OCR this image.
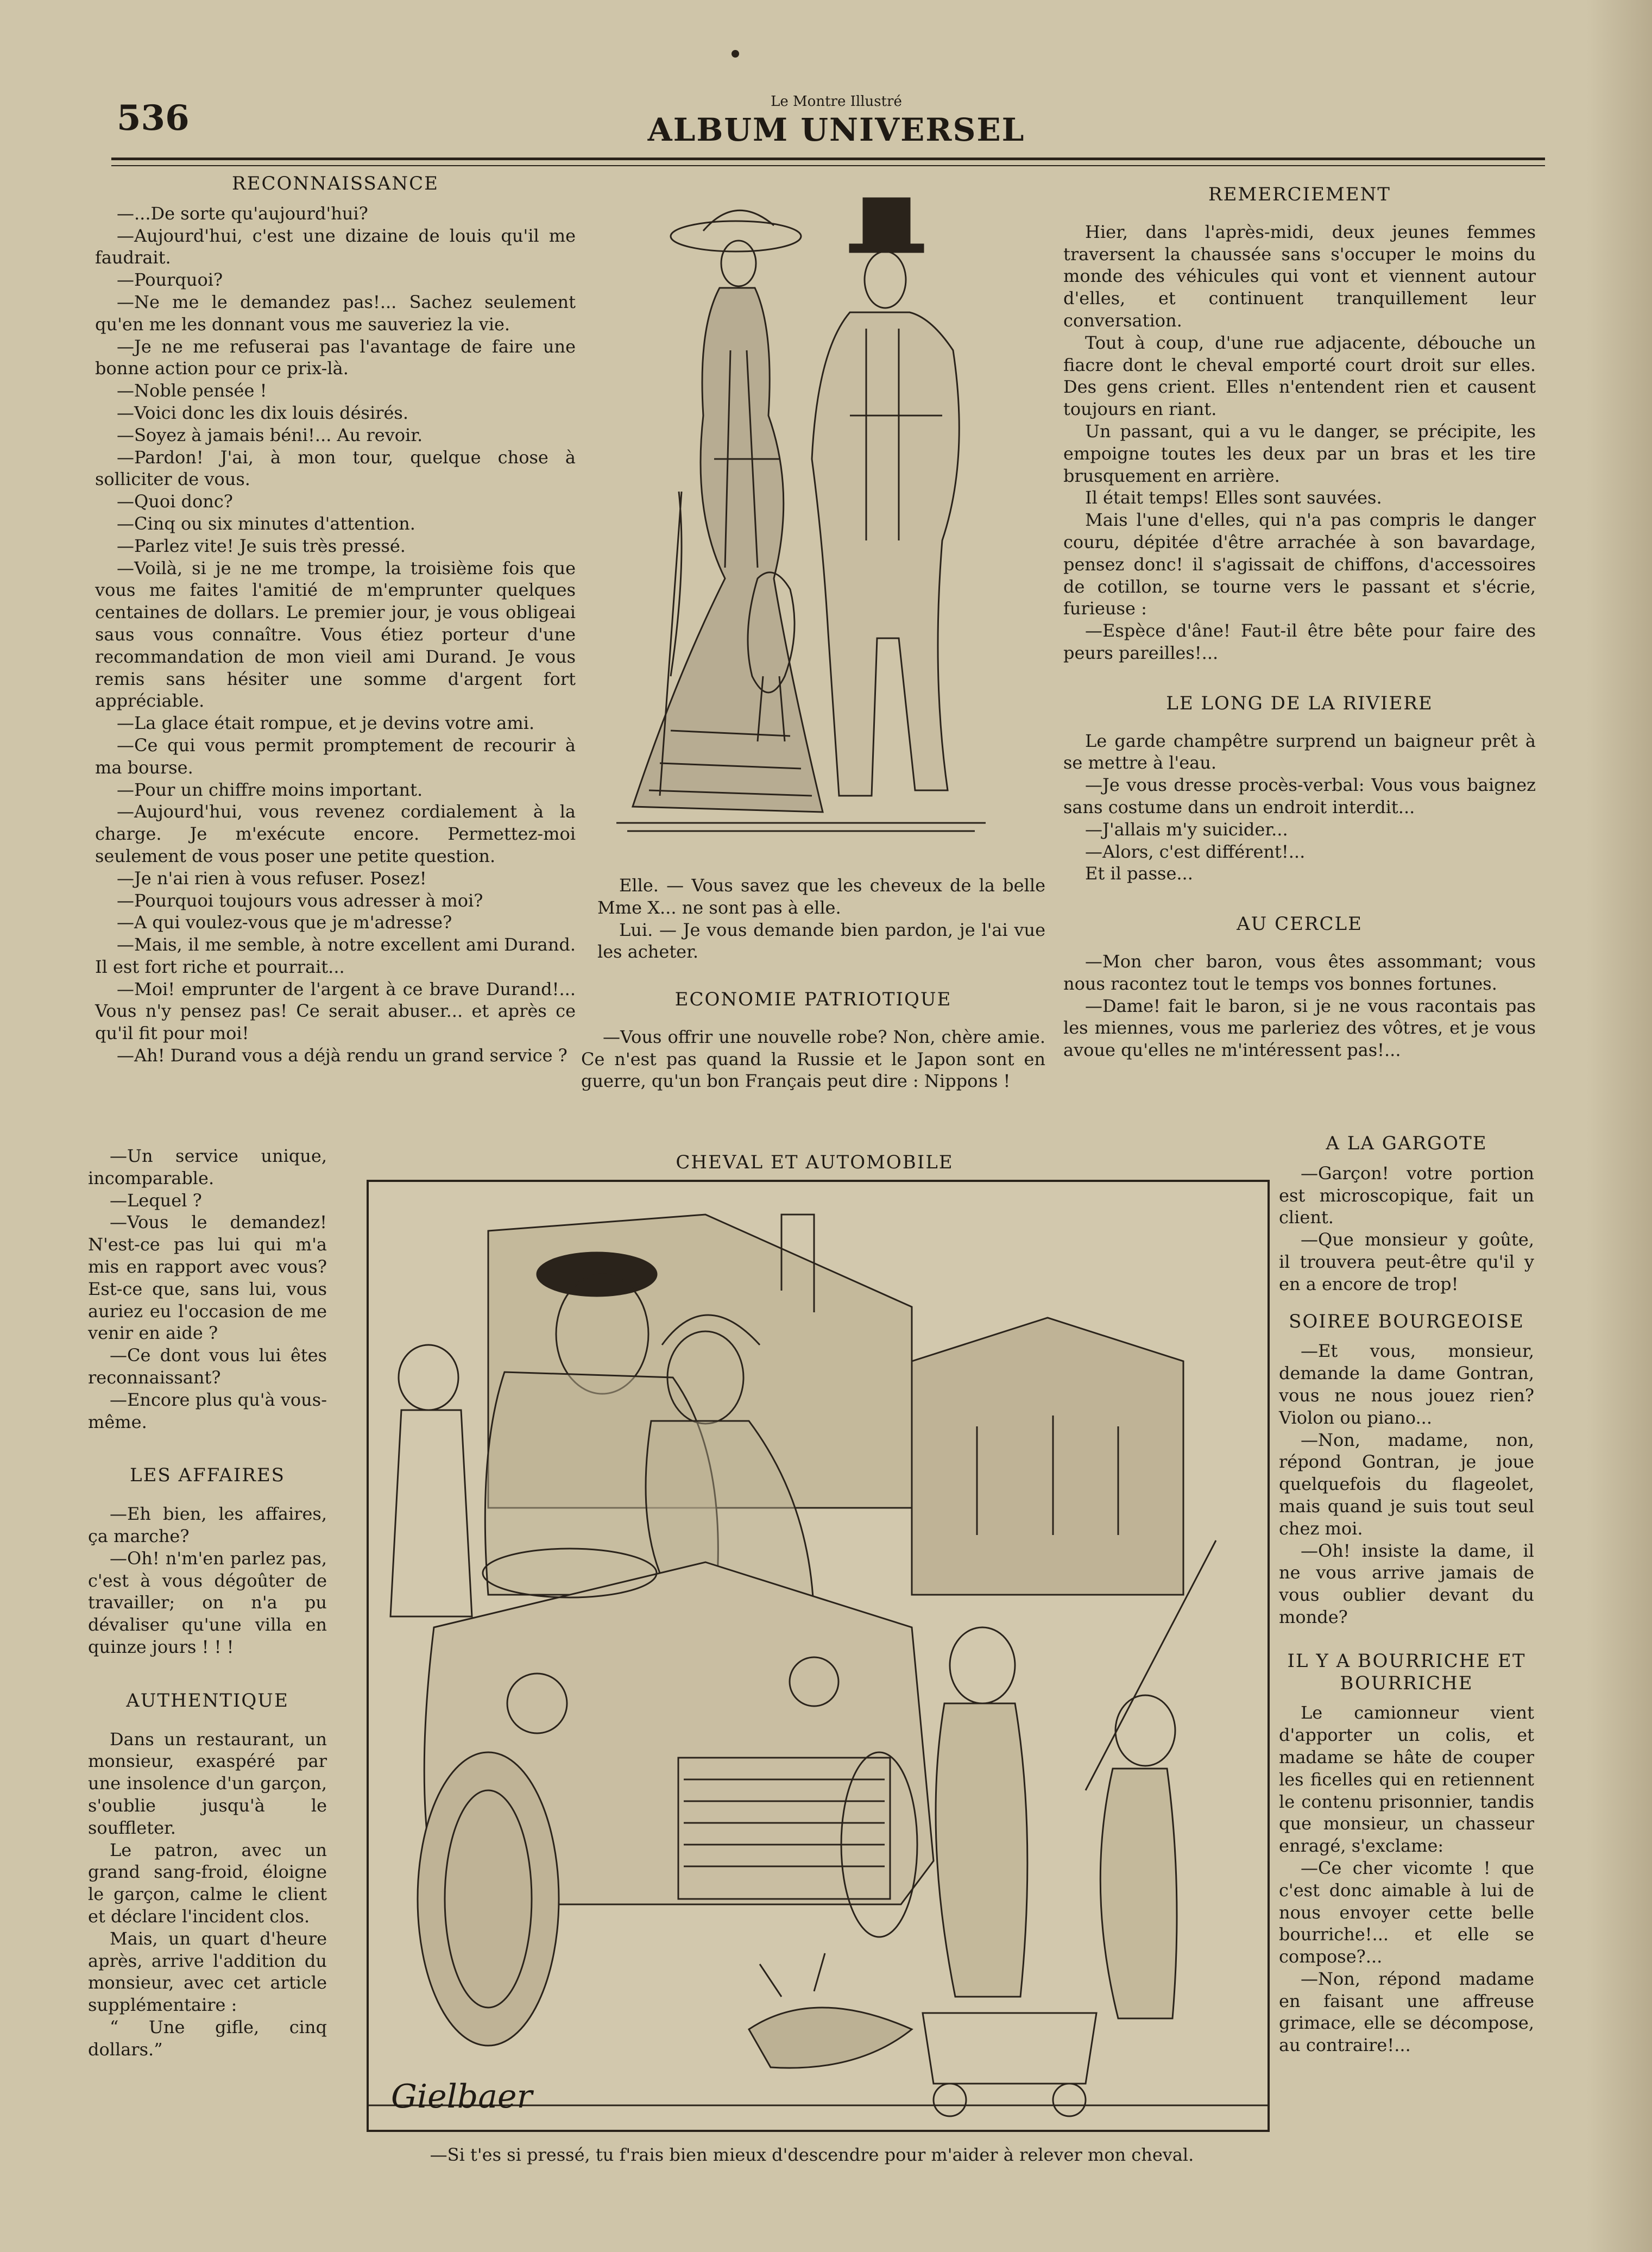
536	Le Montre Illustré
ALBUM UNIVERSEL
RECONNAISSANCE

—...De sorte qu'aujourd'hui?

—Aujourd'hui, c'est une dizaine de louis qu'il me faudrait.

—Pourquoi?

—Ne me le demandez pas!... Sachez seulement qu'en me les donnant vous me sauveriez la vie.

—Je ne me refuserai pas l'avantage de faire une bonne action pour ce prix-là.

—Noble pensée !

—Voici donc les dix louis désirés.

—Soyez à jamais béni!... Au revoir.

—Pardon! J'ai, à mon tour, quelque chose à solliciter de vous.

—Quoi donc?

—Cinq ou six minutes d'attention.

—Parlez vite! Je suis très pressé.

—Voilà, si je ne me trompe, la troisième fois que vous me faites l'amitié de m'emprunter quelques centaines de dollars. Le premier jour, je vous obligeai saus vous connaître. Vous étiez porteur d'une recommandation de mon vieil ami Durand. Je vous remis sans hésiter une somme d'argent fort appréciable.

—La glace était rompue, et je devins votre ami.

—Ce qui vous permit promptement de recourir à ma bourse.

—Pour un chiffre moins important.

—Aujourd'hui, vous revenez cordialement à la charge. Je m'exécute encore. Permettez-moi seulement de vous poser une petite question.

—Je n'ai rien à vous refuser. Posez!

—Pourquoi toujours vous adresser à moi?

—A qui voulez-vous que je m'adresse?

—Mais, il me semble, à notre excellent ami Durand. Il est fort riche et pourrait...

—Moi! emprunter de l'argent à ce brave Durand!... Vous n'y pensez pas! Ce serait abuser... et après ce qu'il fit pour moi!

—Ah! Durand vous a déjà rendu un grand service ?

—Un service unique, incomparable.

—Lequel ?

—Vous le demandez! N'est-ce pas lui qui m'a mis en rapport avec vous? Est-ce que, sans lui, vous auriez eu l'occasion de me venir en aide ?

—Ce dont vous lui êtes reconnaissant?

—Encore plus qu'à vous-même.

LES AFFAIRES

—Eh bien, les affaires, ça marche?

—Oh! n'm'en parlez pas, c'est à vous dégoûter de travailler; on n'a pu dévaliser qu'une villa en quinze jours ! ! !

AUTHENTIQUE

Dans un restaurant, un monsieur, exaspéré par une insolence d'un garçon, s'oublie jusqu'à le souffleter.

Le patron, avec un grand sang-froid, éloigne le garçon, calme le client et déclare l'incident clos.

Mais, un quart d'heure après, arrive l'addition du monsieur, avec cet article supplémentaire :

“ Une gifle, cinq dollars.”

Elle. — Vous savez que les cheveux de la belle Mme X... ne sont pas à elle.

Lui. — Je vous demande bien pardon, je l'ai vue les acheter.

ECONOMIE PATRIOTIQUE

—Vous offrir une nouvelle robe? Non, chère amie. Ce n'est pas quand la Russie et le Japon sont en guerre, qu'un bon Français peut dire : Nippons !

REMERCIEMENT

Hier, dans l'après-midi, deux jeunes femmes traversent la chaussée sans s'occuper le moins du monde des véhicules qui vont et viennent autour d'elles, et continuent tranquillement leur conversation.

Tout à coup, d'une rue adjacente, débouche un fiacre dont le cheval emporté court droit sur elles. Des gens crient. Elles n'entendent rien et causent toujours en riant.

Un passant, qui a vu le danger, se précipite, les empoigne toutes les deux par un bras et les tire brusquement en arrière.

Il était temps! Elles sont sauvées.

Mais l'une d'elles, qui n'a pas compris le danger couru, dépitée d'être arrachée à son bavardage, pensez donc! il s'agissait de chiffons, d'accessoires de cotillon, se tourne vers le passant et s'écrie, furieuse :

—Espèce d'âne! Faut-il être bête pour faire des peurs pareilles!...

LE LONG DE LA RIVIERE

Le garde champêtre surprend un baigneur prêt à se mettre à l'eau.

—Je vous dresse procès-verbal: Vous vous baignez sans costume dans un endroit interdit...

—J'allais m'y suicider...

—Alors, c'est différent!...

Et il passe...

AU CERCLE

—Mon cher baron, vous êtes assommant; vous nous racontez tout le temps vos bonnes fortunes.

—Dame! fait le baron, si je ne vous racontais pas les miennes, vous me parleriez des vôtres, et je vous avoue qu'elles ne m'intéressent pas!...

A LA GARGOTE

—Garçon! votre portion est microscopique, fait un client.

—Que monsieur y goûte, il trouvera peut-être qu'il y en a encore de trop!

SOIREE BOURGEOISE

—Et vous, monsieur, demande la dame Gontran, vous ne nous jouez rien? Violon ou piano...

—Non, madame, non, répond Gontran, je joue quelquefois du flageolet, mais quand je suis tout seul chez moi.

—Oh! insiste la dame, il ne vous arrive jamais de vous oublier devant du monde?

IL Y A BOURRICHE ET BOURRICHE

Le camionneur vient d'apporter un colis, et madame se hâte de couper les ficelles qui en retiennent le contenu prisonnier, tandis que monsieur, un chasseur enragé, s'exclame:

—Ce cher vicomte ! que c'est donc aimable à lui de nous envoyer cette belle bourriche!... et elle se compose?...

—Non, répond madame en faisant une affreuse grimace, elle se décompose, au contraire!...

CHEVAL ET AUTOMOBILE
Gielbaer
—Si t'es si pressé, tu f'rais bien mieux d'descendre pour m'aider à relever mon cheval.
